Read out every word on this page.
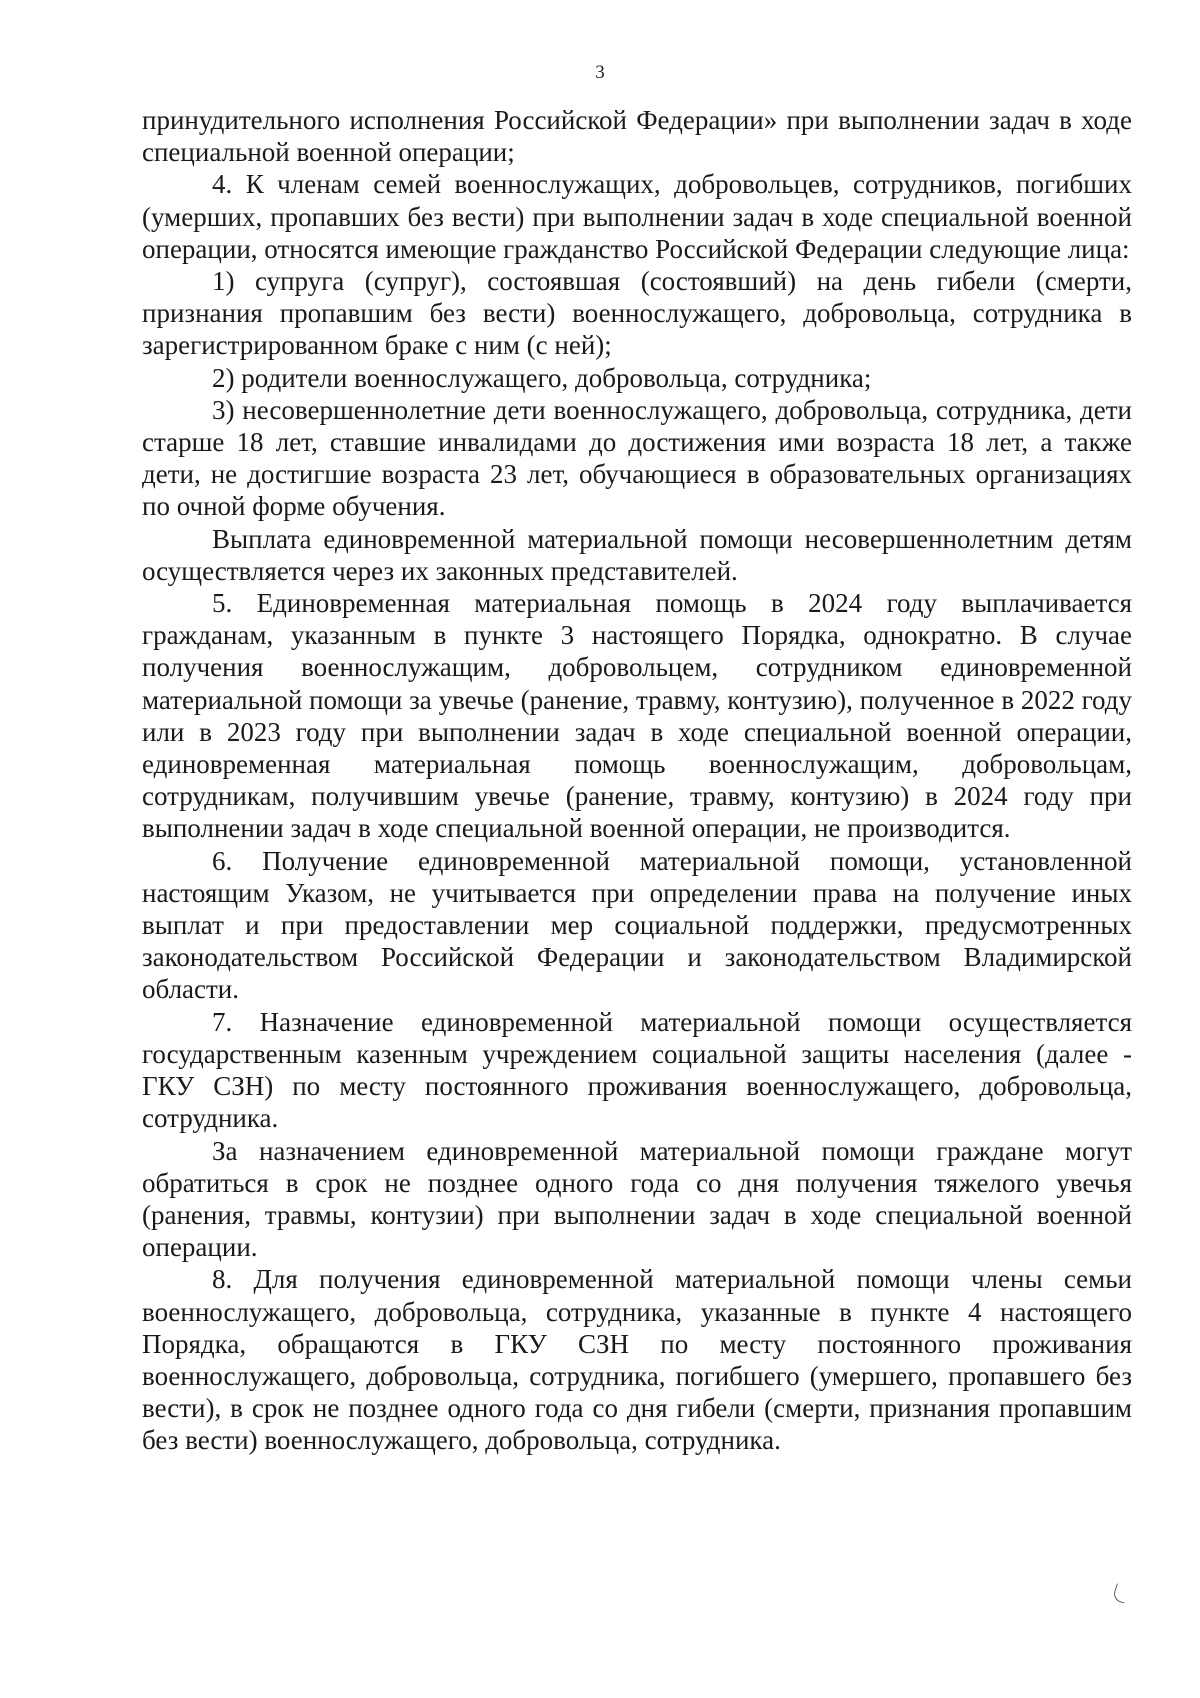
3

принудительного исполнения Российской Федерации» при выполнении задач в ходе специальной военной операции;

4. К членам семей военнослужащих, добровольцев, сотрудников, погибших (умерших, пропавших без вести) при выполнении задач в ходе специальной военной операции, относятся имеющие гражданство Российской Федерации следующие лица:

1) супруга (супруг), состоявшая (состоявший) на день гибели (смерти, признания пропавшим без вести) военнослужащего, добровольца, сотрудника в зарегистрированном браке с ним (с ней);

2) родители военнослужащего, добровольца, сотрудника;

3) несовершеннолетние дети военнослужащего, добровольца, сотрудника, дети старше 18 лет, ставшие инвалидами до достижения ими возраста 18 лет, а также дети, не достигшие возраста 23 лет, обучающиеся в образовательных организациях по очной форме обучения.

Выплата единовременной материальной помощи несовершеннолетним детям осуществляется через их законных представителей.

5. Единовременная материальная помощь в 2024 году выплачивается гражданам, указанным в пункте 3 настоящего Порядка, однократно. В случае получения военнослужащим, добровольцем, сотрудником единовременной материальной помощи за увечье (ранение, травму, контузию), полученное в 2022 году или в 2023 году при выполнении задач в ходе специальной военной операции, единовременная материальная помощь военнослужащим, добровольцам, сотрудникам, получившим увечье (ранение, травму, контузию) в 2024 году при выполнении задач в ходе специальной военной операции, не производится.

6. Получение единовременной материальной помощи, установленной настоящим Указом, не учитывается при определении права на получение иных выплат и при предоставлении мер социальной поддержки, предусмотренных законодательством Российской Федерации и законодательством Владимирской области.

7. Назначение единовременной материальной помощи осуществляется государственным казенным учреждением социальной защиты населения (далее - ГКУ СЗН) по месту постоянного проживания военнослужащего, добровольца, сотрудника.

За назначением единовременной материальной помощи граждане могут обратиться в срок не позднее одного года со дня получения тяжелого увечья (ранения, травмы, контузии) при выполнении задач в ходе специальной военной операции.

8. Для получения единовременной материальной помощи члены семьи военнослужащего, добровольца, сотрудника, указанные в пункте 4 настоящего Порядка, обращаются в ГКУ СЗН по месту постоянного проживания военнослужащего, добровольца, сотрудника, погибшего (умершего, пропавшего без вести), в срок не позднее одного года со дня гибели (смерти, признания пропавшим без вести) военнослужащего, добровольца, сотрудника.
